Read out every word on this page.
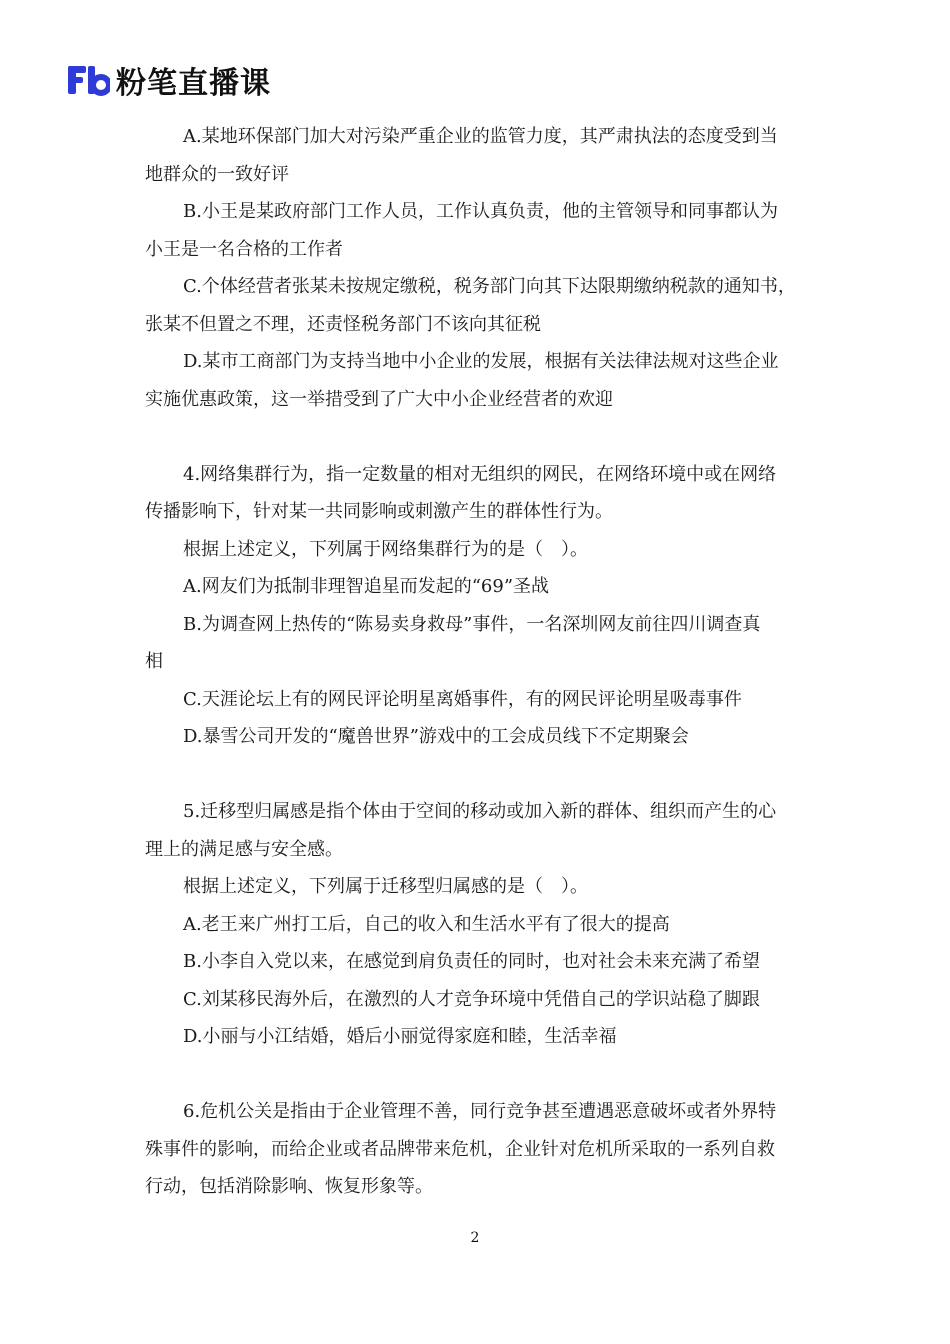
粉笔直播课
A.某地环保部门加大对污染严重企业的监管力度，其严肃执法的态度受到当
地群众的一致好评
B.小王是某政府部门工作人员，工作认真负责，他的主管领导和同事都认为
小王是一名合格的工作者
C.个体经营者张某未按规定缴税，税务部门向其下达限期缴纳税款的通知书，
张某不但置之不理，还责怪税务部门不该向其征税
D.某市工商部门为支持当地中小企业的发展，根据有关法律法规对这些企业
实施优惠政策，这一举措受到了广大中小企业经营者的欢迎
4.网络集群行为，指一定数量的相对无组织的网民，在网络环境中或在网络
传播影响下，针对某一共同影响或刺激产生的群体性行为。
根据上述定义，下列属于网络集群行为的是（　）。
A.网友们为抵制非理智追星而发起的“69”圣战
B.为调查网上热传的“陈易卖身救母”事件，一名深圳网友前往四川调查真
相
C.天涯论坛上有的网民评论明星离婚事件，有的网民评论明星吸毒事件
D.暴雪公司开发的“魔兽世界”游戏中的工会成员线下不定期聚会
5.迁移型归属感是指个体由于空间的移动或加入新的群体、组织而产生的心
理上的满足感与安全感。
根据上述定义，下列属于迁移型归属感的是（　）。
A.老王来广州打工后，自己的收入和生活水平有了很大的提高
B.小李自入党以来，在感觉到肩负责任的同时，也对社会未来充满了希望
C.刘某移民海外后，在激烈的人才竞争环境中凭借自己的学识站稳了脚跟
D.小丽与小江结婚，婚后小丽觉得家庭和睦，生活幸福
6.危机公关是指由于企业管理不善，同行竞争甚至遭遇恶意破坏或者外界特
殊事件的影响，而给企业或者品牌带来危机，企业针对危机所采取的一系列自救
行动，包括消除影响、恢复形象等。
2
